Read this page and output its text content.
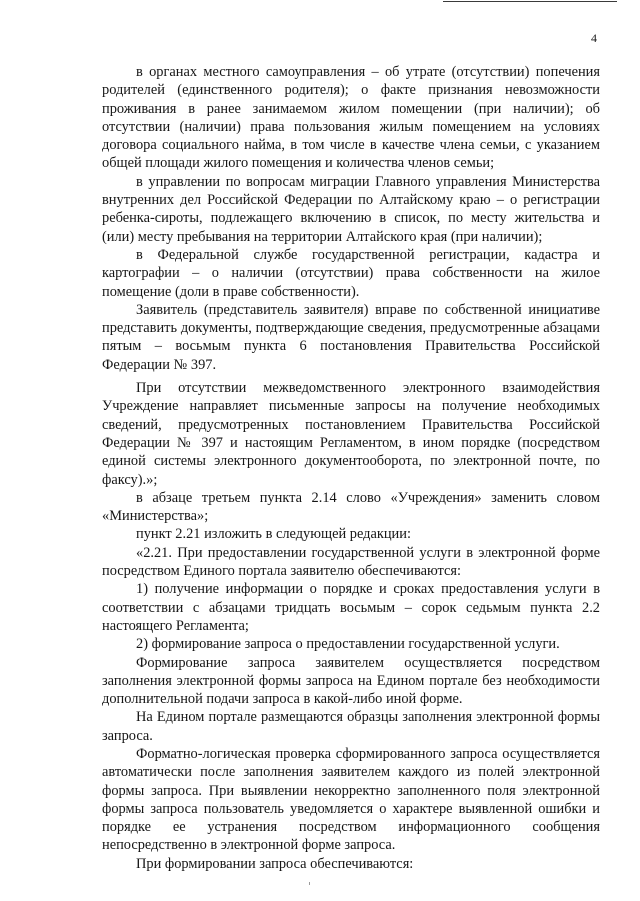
4

в органах местного самоуправления – об утрате (отсутствии) попечения родителей (единственного родителя); о факте признания невозможности проживания в ранее занимаемом жилом помещении (при наличии); об отсутствии (наличии) права пользования жилым помещением на условиях договора социального найма, в том числе в качестве члена семьи, с указанием общей площади жилого помещения и количества членов семьи;

в управлении по вопросам миграции Главного управления Министерства внутренних дел Российской Федерации по Алтайскому краю – о регистрации ребенка-сироты, подлежащего включению в список, по месту жительства и (или) месту пребывания на территории Алтайского края (при наличии);

в Федеральной службе государственной регистрации, кадастра и картографии – о наличии (отсутствии) права собственности на жилое помещение (доли в праве собственности).

Заявитель (представитель заявителя) вправе по собственной инициативе представить документы, подтверждающие сведения, предусмотренные абзацами пятым – восьмым пункта 6 постановления Правительства Российской Федерации № 397.

При отсутствии межведомственного электронного взаимодействия Учреждение направляет письменные запросы на получение необходимых сведений, предусмотренных постановлением Правительства Российской Федерации № 397 и настоящим Регламентом, в ином порядке (посредством единой системы электронного документооборота, по электронной почте, по факсу).»;

в абзаце третьем пункта 2.14 слово «Учреждения» заменить словом «Министерства»;

пункт 2.21 изложить в следующей редакции:

«2.21. При предоставлении государственной услуги в электронной форме посредством Единого портала заявителю обеспечиваются:

1) получение информации о порядке и сроках предоставления услуги в соответствии с абзацами тридцать восьмым – сорок седьмым пункта 2.2 настоящего Регламента;

2) формирование запроса о предоставлении государственной услуги.

Формирование запроса заявителем осуществляется посредством заполнения электронной формы запроса на Едином портале без необходимости дополнительной подачи запроса в какой-либо иной форме.

На Едином портале размещаются образцы заполнения электронной формы запроса.

Форматно-логическая проверка сформированного запроса осуществляется автоматически после заполнения заявителем каждого из полей электронной формы запроса. При выявлении некорректно заполненного поля электронной формы запроса пользователь уведомляется о характере выявленной ошибки и порядке ее устранения посредством информационного сообщения непосредственно в электронной форме запроса.

При формировании запроса обеспечиваются:
